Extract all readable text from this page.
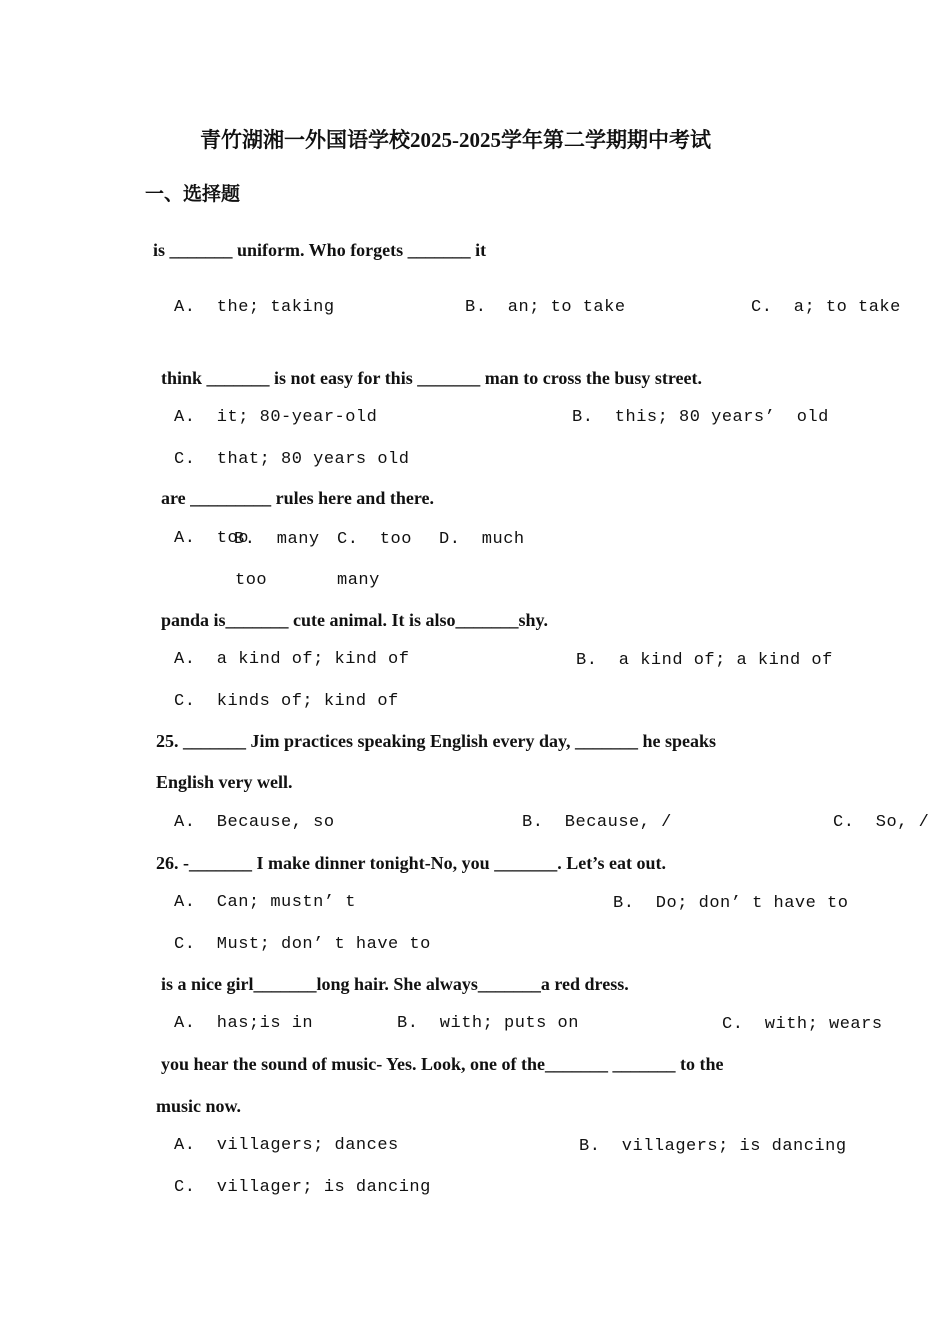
青竹湖湘一外国语学校2025-2025学年第二学期期中考试
一、选择题
is _______ uniform. Who forgets _______ it
A.  the; taking	B.  an; to take	C.  a; to take
think _______ is not easy for this _______ man to cross the busy street.
A.  it; 80-year-old	B.  this; 80 years’  old
C.  that; 80 years old
are _________ rules here and there.
A.  too
B.  many C.  too D.  much
too	many
panda is_______ cute animal. It is also_______shy.
A.  a kind of; kind of	B.  a kind of; a kind of
C.  kinds of; kind of
25. _______ Jim practices speaking English every day, _______ he speaks
English very well.
A.  Because, so	B.  Because, /	C.  So, /
26. -_______ I make dinner tonight-No, you _______. Let’s eat out.
A.  Can; mustn’ t	B.  Do; don’ t have to
C.  Must; don’ t have to
is a nice girl_______long hair. She always_______a red dress.
A.  has;is in	B.  with; puts on	C.  with; wears
you hear the sound of music- Yes. Look, one of the_______ _______ to the
music now.
A.  villagers; dances	B.  villagers; is dancing
C.  villager; is dancing
